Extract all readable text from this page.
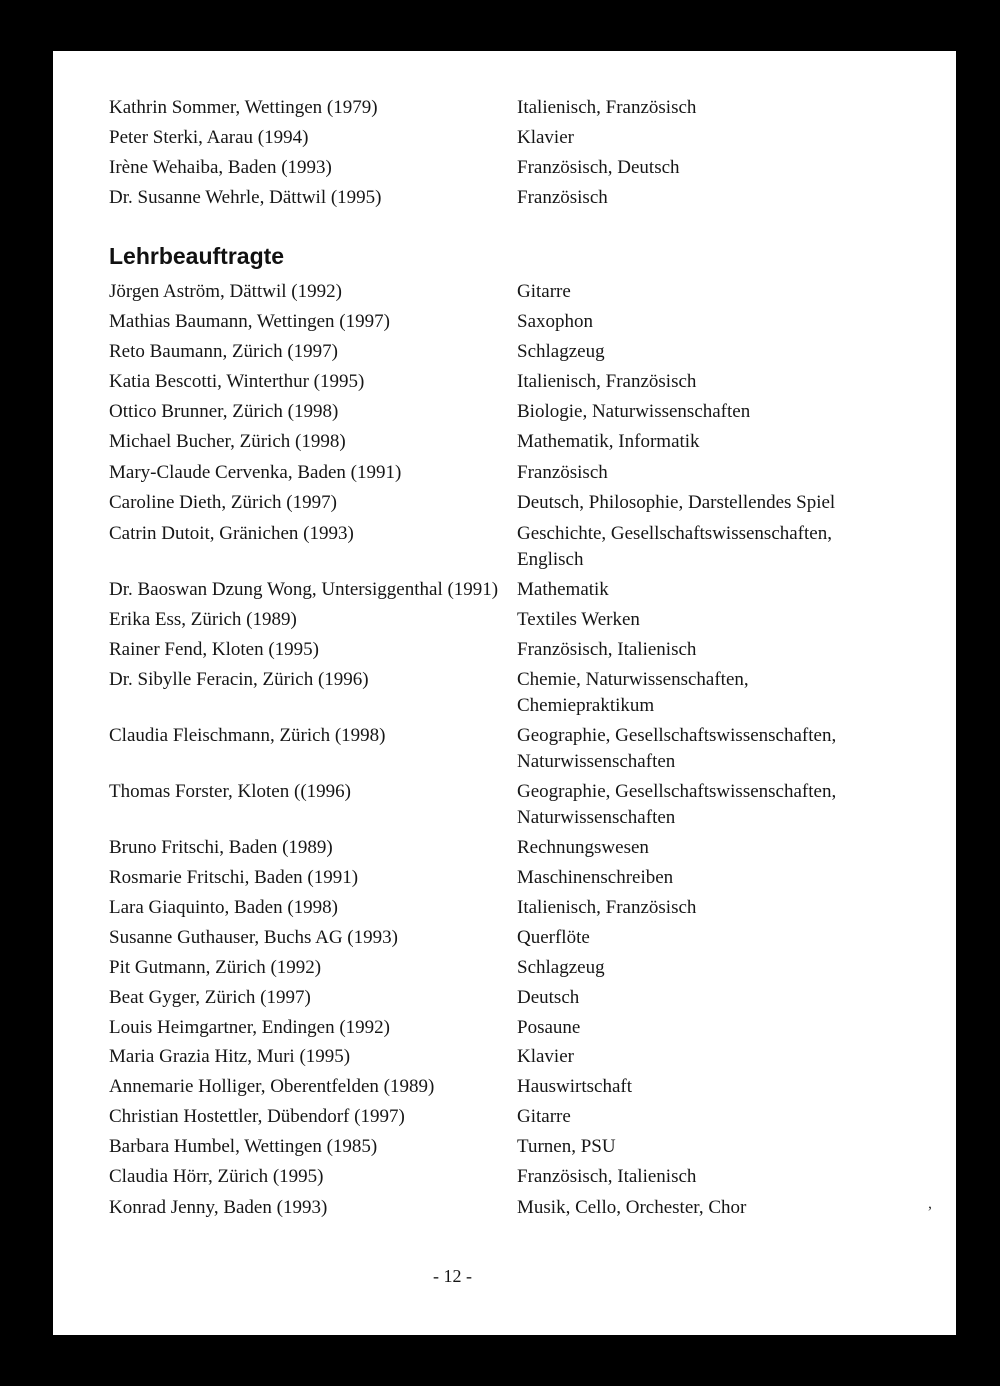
Kathrin Sommer, Wettingen (1979)	Italienisch, Französisch
Peter Sterki, Aarau (1994)	Klavier
Irène Wehaiba, Baden (1993)	Französisch, Deutsch
Dr. Susanne Wehrle, Dättwil (1995)	Französisch
Lehrbeauftragte
Jörgen Aström, Dättwil (1992)	Gitarre
Mathias Baumann, Wettingen (1997)	Saxophon
Reto Baumann, Zürich (1997)	Schlagzeug
Katia Bescotti, Winterthur (1995)	Italienisch, Französisch
Ottico Brunner, Zürich (1998)	Biologie, Naturwissenschaften
Michael Bucher, Zürich (1998)	Mathematik, Informatik
Mary-Claude Cervenka, Baden (1991)	Französisch
Caroline Dieth, Zürich (1997)	Deutsch, Philosophie, Darstellendes Spiel
Catrin Dutoit, Gränichen (1993)	Geschichte, Gesellschaftswissenschaften, Englisch
Dr. Baoswan Dzung Wong, Untersiggenthal (1991) Mathematik
Erika Ess, Zürich (1989)	Textiles Werken
Rainer Fend, Kloten (1995)	Französisch, Italienisch
Dr. Sibylle Feracin, Zürich (1996)	Chemie, Naturwissenschaften, Chemiepraktikum
Claudia Fleischmann, Zürich (1998)	Geographie, Gesellschaftswissenschaften, Naturwissenschaften
Thomas Forster, Kloten ((1996)	Geographie, Gesellschaftswissenschaften, Naturwissenschaften
Bruno Fritschi, Baden (1989)	Rechnungswesen
Rosmarie Fritschi, Baden (1991)	Maschinenschreiben
Lara Giaquinto, Baden (1998)	Italienisch, Französisch
Susanne Guthauser, Buchs AG (1993)	Querflöte
Pit Gutmann, Zürich (1992)	Schlagzeug
Beat Gyger, Zürich (1997)	Deutsch
Louis Heimgartner, Endingen (1992)	Posaune
Maria Grazia Hitz, Muri (1995)	Klavier
Annemarie Holliger, Oberentfelden (1989)	Hauswirtschaft
Christian Hostettler, Dübendorf (1997)	Gitarre
Barbara Humbel, Wettingen (1985)	Turnen, PSU
Claudia Hörr, Zürich (1995)	Französisch, Italienisch
Konrad Jenny, Baden (1993)	Musik, Cello, Orchester, Chor	,
- 12 -
